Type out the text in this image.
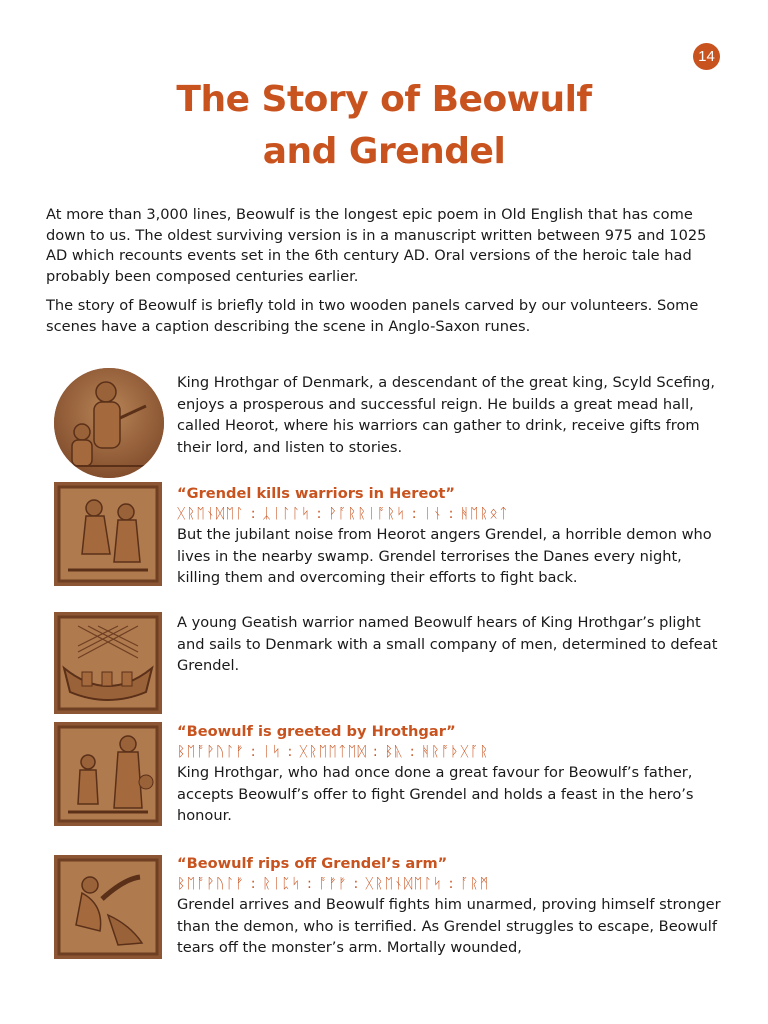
14
The Story of Beowulf
and Grendel

At more than 3,000 lines, Beowulf is the longest epic poem in Old English that has come down to us. The oldest surviving version is in a manuscript written between 975 and 1025 AD which recounts events set in the 6th century AD. Oral versions of the heroic tale had probably been composed centuries earlier.

The story of Beowulf is briefly told in two wooden panels carved by our volunteers. Some scenes have a caption describing the scene in Anglo-Saxon runes.

King Hrothgar of Denmark, a descendant of the great king, Scyld Scefing, enjoys a prosperous and successful reign. He builds a great mead hall, called Heorot, where his warriors can gather to drink, receive gifts from their lord, and listen to stories.

“Grendel kills warriors in Hereot”

ᚷᚱᛖᚾᛞᛖᛚ : ᛣᛁᛚᛚᛋ : ᚹᚪᚱᚱᛁᚩᚱᛋ : ᛁᚾ : ᚻᛖᚱᛟᛏ

But the jubilant noise from Heorot angers Grendel, a horrible demon who lives in the nearby swamp. Grendel terrorises the Danes every night, killing them and overcoming their efforts to fight back.

A young Geatish warrior named Beowulf hears of King Hrothgar’s plight and sails to Denmark with a small company of men, determined to defeat Grendel.

“Beowulf is greeted by Hrothgar”

ᛒᛖᚩᚹᚢᛚᚠ : ᛁᛋ : ᚷᚱᛖᛖᛏᛖᛞ : ᛒᚣ : ᚻᚱᚩᚦᚷᚪᚱ

King Hrothgar, who had once done a great favour for Beowulf’s father, accepts Beowulf’s offer to fight Grendel and holds a feast in the hero’s honour.

“Beowulf rips off Grendel’s arm”

ᛒᛖᚩᚹᚢᛚᚠ : ᚱᛁᛈᛋ : ᚩᚠᚠ : ᚷᚱᛖᚾᛞᛖᛚᛋ : ᚪᚱᛗ

Grendel arrives and Beowulf fights him unarmed, proving himself stronger than the demon, who is terrified. As Grendel struggles to escape, Beowulf tears off the monster’s arm. Mortally wounded,
